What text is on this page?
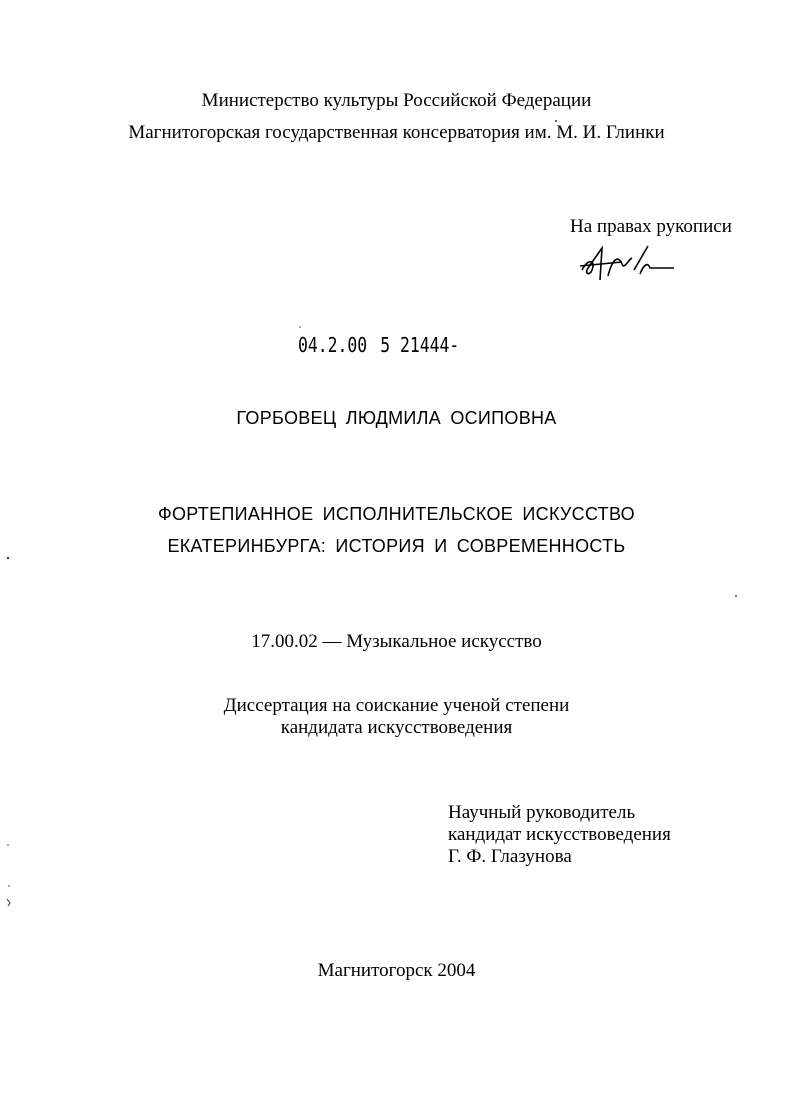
Министерство культуры Российской Федерации
Магнитогорская государственная консерватория им. М. И. Глинки
На правах рукописи
04.2.00 5 21444-
ГОРБОВЕЦ ЛЮДМИЛА ОСИПОВНА
ФОРТЕПИАННОЕ ИСПОЛНИТЕЛЬСКОЕ ИСКУССТВО
ЕКАТЕРИНБУРГА: ИСТОРИЯ И СОВРЕМЕННОСТЬ
17.00.02 — Музыкальное искусство
Диссертация на соискание ученой степени
кандидата искусствоведения
Научный руководитель
кандидат искусствоведения
Г. Ф. Глазунова
Магнитогорск 2004
